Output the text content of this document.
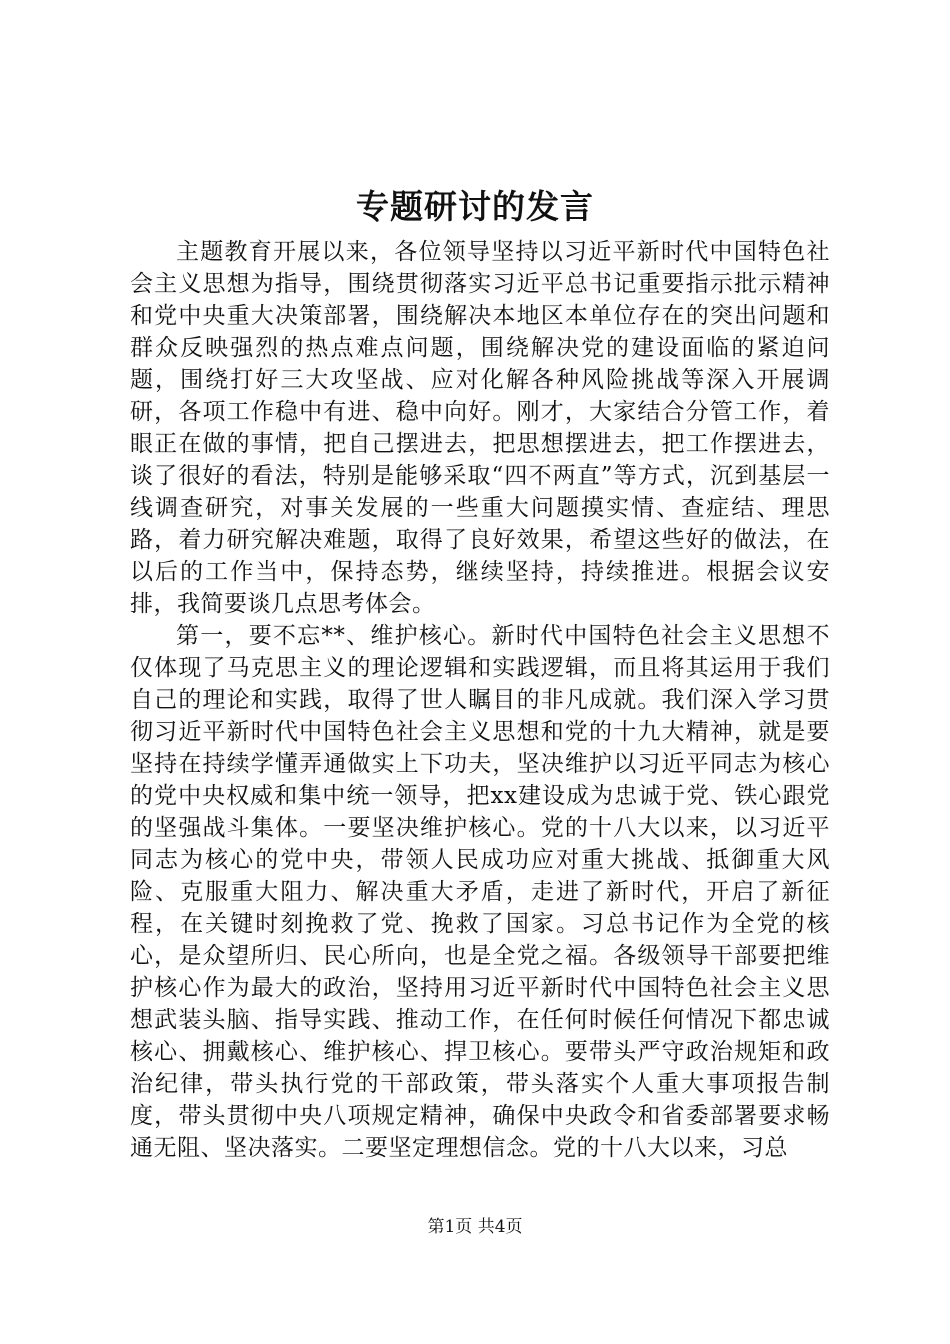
专题研讨的发言

主题教育开展以来，各位领导坚持以习近平新时代中国特色社会主义思想为指导，围绕贯彻落实习近平总书记重要指示批示精神和党中央重大决策部署，围绕解决本地区本单位存在的突出问题和群众反映强烈的热点难点问题，围绕解决党的建设面临的紧迫问题，围绕打好三大攻坚战、应对化解各种风险挑战等深入开展调研，各项工作稳中有进、稳中向好。刚才，大家结合分管工作，着眼正在做的事情，把自己摆进去，把思想摆进去，把工作摆进去，谈了很好的看法，特别是能够采取“四不两直”等方式，沉到基层一线调查研究，对事关发展的一些重大问题摸实情、查症结、理思路，着力研究解决难题，取得了良好效果，希望这些好的做法，在以后的工作当中，保持态势，继续坚持，持续推进。根据会议安排，我简要谈几点思考体会。

第一，要不忘**、维护核心。新时代中国特色社会主义思想不仅体现了马克思主义的理论逻辑和实践逻辑，而且将其运用于我们自己的理论和实践，取得了世人瞩目的非凡成就。我们深入学习贯彻习近平新时代中国特色社会主义思想和党的十九大精神，就是要坚持在持续学懂弄通做实上下功夫，坚决维护以习近平同志为核心的党中央权威和集中统一领导，把xx建设成为忠诚于党、铁心跟党的坚强战斗集体。一要坚决维护核心。党的十八大以来，以习近平同志为核心的党中央，带领人民成功应对重大挑战、抵御重大风险、克服重大阻力、解决重大矛盾，走进了新时代，开启了新征程，在关键时刻挽救了党、挽救了国家。习总书记作为全党的核心，是众望所归、民心所向，也是全党之福。各级领导干部要把维护核心作为最大的政治，坚持用习近平新时代中国特色社会主义思想武装头脑、指导实践、推动工作，在任何时候任何情况下都忠诚核心、拥戴核心、维护核心、捍卫核心。要带头严守政治规矩和政治纪律，带头执行党的干部政策，带头落实个人重大事项报告制度，带头贯彻中央八项规定精神，确保中央政令和省委部署要求畅通无阻、坚决落实。二要坚定理想信念。党的十八大以来，习总

第1页 共4页
